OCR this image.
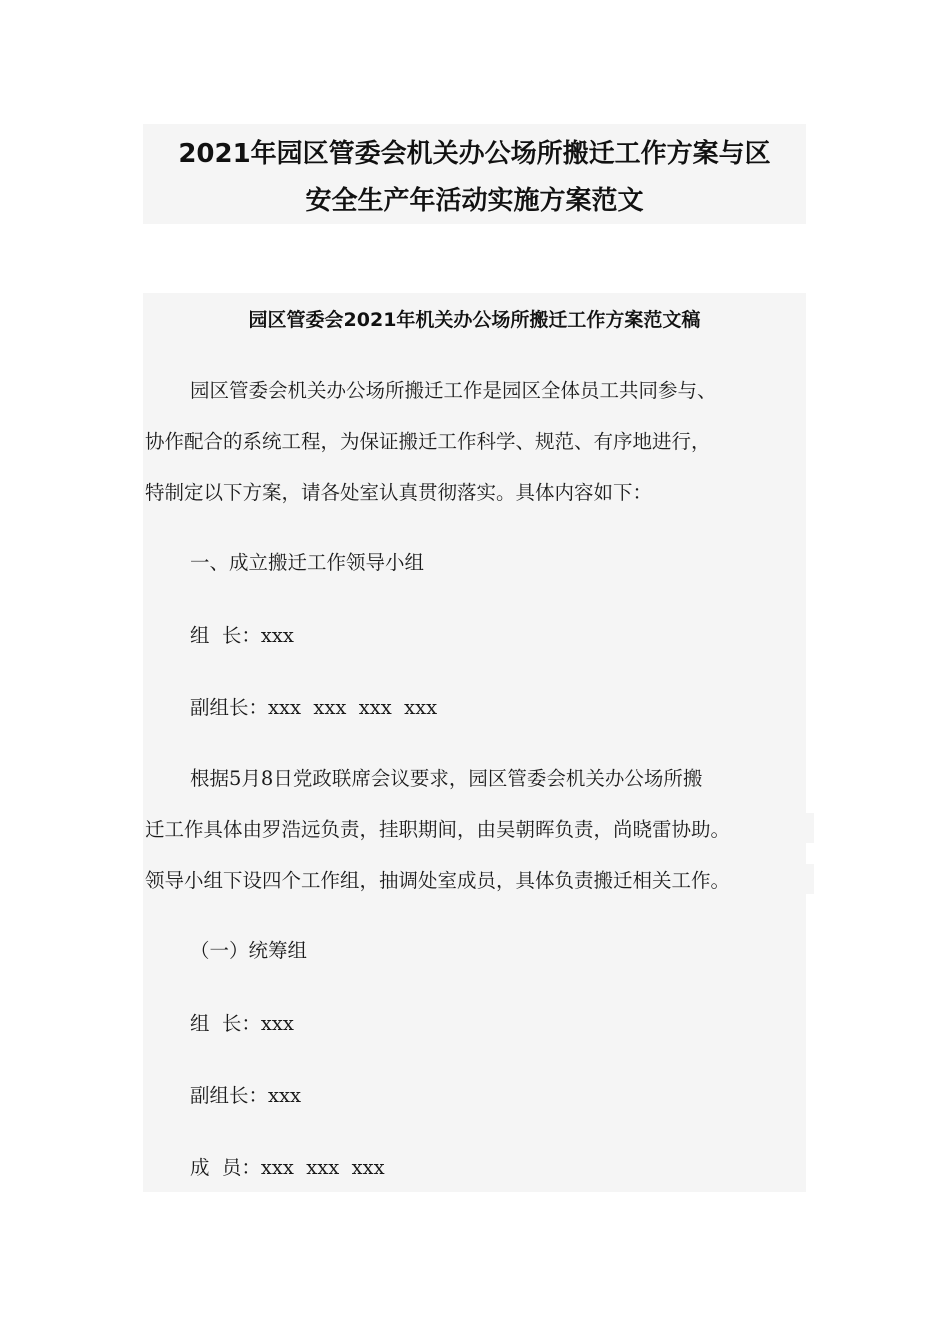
2021年园区管委会机关办公场所搬迁工作方案与区
安全生产年活动实施方案范文
园区管委会2021年机关办公场所搬迁工作方案范文稿
园区管委会机关办公场所搬迁工作是园区全体员工共同参与、
协作配合的系统工程，为保证搬迁工作科学、规范、有序地进行，
特制定以下方案，请各处室认真贯彻落实。具体内容如下：
一、成立搬迁工作领导小组
组  长：xxx
副组长：xxx  xxx  xxx  xxx
根据5月8日党政联席会议要求，园区管委会机关办公场所搬
迁工作具体由罗浩远负责，挂职期间，由吴朝晖负责，尚晓雷协助。
领导小组下设四个工作组，抽调处室成员，具体负责搬迁相关工作。
（一）统筹组
组  长：xxx
副组长：xxx
成  员：xxx  xxx  xxx
